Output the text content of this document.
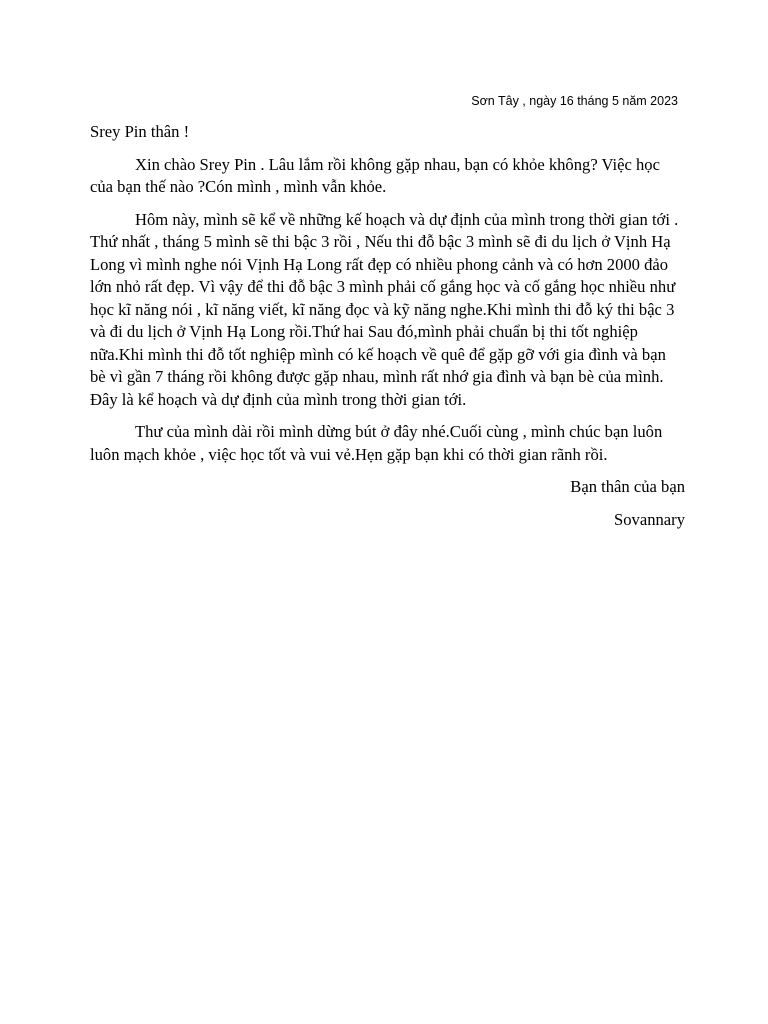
Sơn Tây , ngày 16 tháng 5 năm 2023

Srey Pin thân !

Xin chào Srey Pin . Lâu lắm rồi không gặp nhau, bạn có khỏe không? Việc học của bạn thế nào ?Cón mình , mình vẫn khỏe.

Hôm này, mình sẽ kể về những kế hoạch và dự định của mình trong thời gian tới . Thứ nhất , tháng 5 mình sẽ thi bậc 3 rồi , Nếu thi đỗ bậc 3 mình sẽ đi du lịch ở Vịnh Hạ Long vì mình nghe nói Vịnh Hạ Long rất đẹp có nhiều phong cảnh và có hơn 2000 đảo lớn nhỏ rất đẹp. Vì vậy để thi đỗ bậc 3 mình phải cố gắng học và cố gắng học nhiều như học kĩ năng nói , kĩ năng viết, kĩ năng đọc và kỹ năng nghe.Khi mình thi đỗ ký thi bậc 3 và đi du lịch ở Vịnh Hạ Long rồi.Thứ hai Sau đó,mình phải chuẩn bị thi tốt nghiệp nữa.Khi mình thi đỗ tốt nghiệp mình có kế hoạch về quê để gặp gỡ với gia đình và bạn bè vì gần 7 tháng rồi không được gặp nhau, mình rất nhớ gia đình và bạn bè của mình. Đây là kể hoạch và dự định của mình trong thời gian tới.

Thư của mình dài rồi mình dừng bút ở đây nhé.Cuối cùng , mình chúc bạn luôn luôn mạch khỏe , việc học tốt và vui vẻ.Hẹn gặp bạn khi có thời gian rãnh rồi.

Bạn thân của bạn

Sovannary
